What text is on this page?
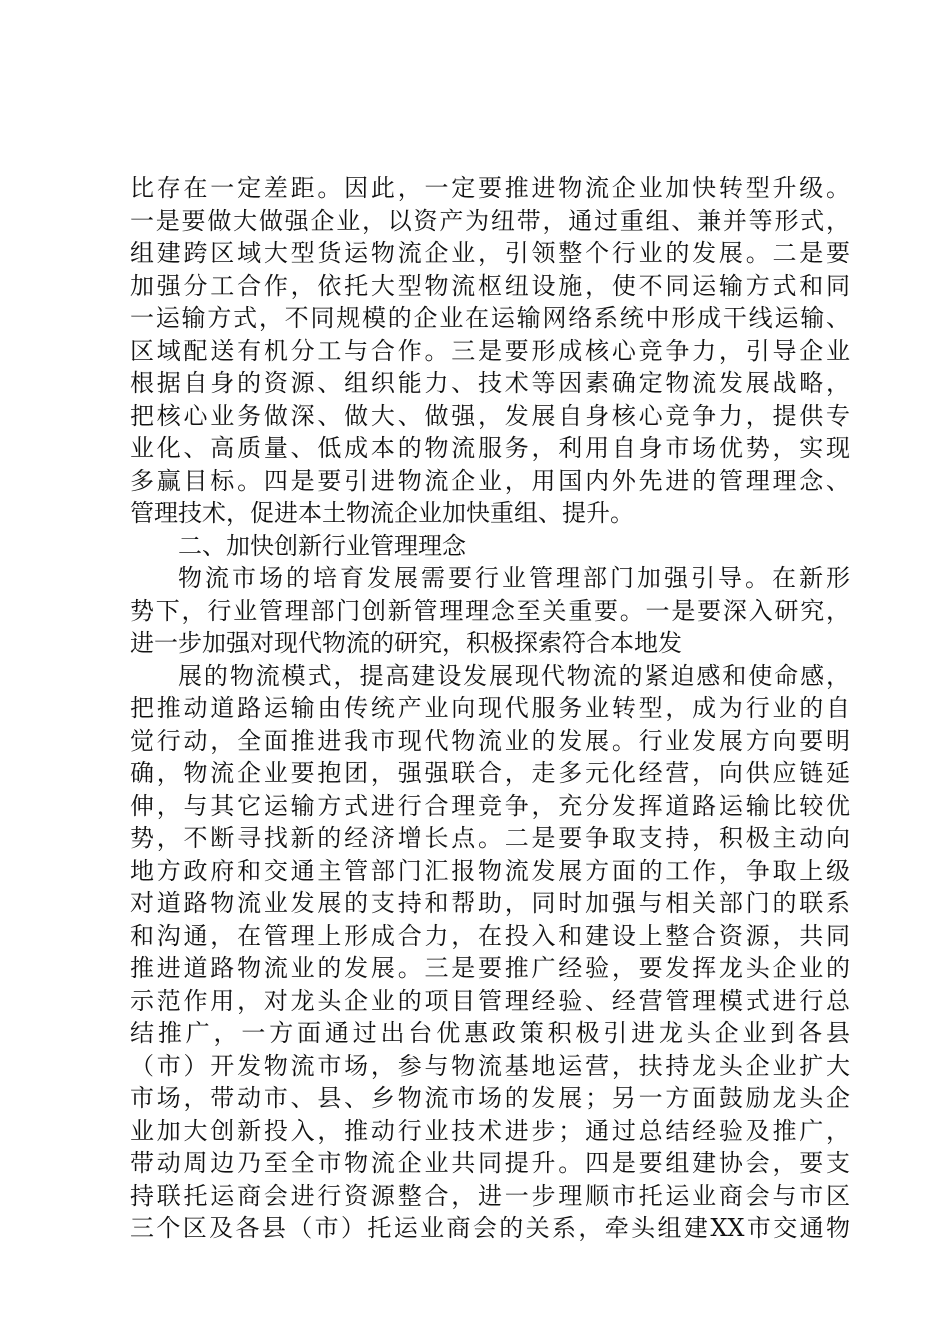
比存在一定差距。因此，一定要推进物流企业加快转型升级。
一是要做大做强企业，以资产为纽带，通过重组、兼并等形式，
组建跨区域大型货运物流企业，引领整个行业的发展。二是要
加强分工合作，依托大型物流枢纽设施，使不同运输方式和同
一运输方式，不同规模的企业在运输网络系统中形成干线运输、
区域配送有机分工与合作。三是要形成核心竞争力，引导企业
根据自身的资源、组织能力、技术等因素确定物流发展战略，
把核心业务做深、做大、做强，发展自身核心竞争力，提供专
业化、高质量、低成本的物流服务，利用自身市场优势，实现
多赢目标。四是要引进物流企业，用国内外先进的管理理念、
管理技术，促进本土物流企业加快重组、提升。
二、加快创新行业管理理念
物流市场的培育发展需要行业管理部门加强引导。在新形
势下，行业管理部门创新管理理念至关重要。一是要深入研究，
进一步加强对现代物流的研究，积极探索符合本地发
展的物流模式，提高建设发展现代物流的紧迫感和使命感，
把推动道路运输由传统产业向现代服务业转型，成为行业的自
觉行动，全面推进我市现代物流业的发展。行业发展方向要明
确，物流企业要抱团，强强联合，走多元化经营，向供应链延
伸，与其它运输方式进行合理竞争，充分发挥道路运输比较优
势，不断寻找新的经济增长点。二是要争取支持，积极主动向
地方政府和交通主管部门汇报物流发展方面的工作，争取上级
对道路物流业发展的支持和帮助，同时加强与相关部门的联系
和沟通，在管理上形成合力，在投入和建设上整合资源，共同
推进道路物流业的发展。三是要推广经验，要发挥龙头企业的
示范作用，对龙头企业的项目管理经验、经营管理模式进行总
结推广，一方面通过出台优惠政策积极引进龙头企业到各县
（市）开发物流市场，参与物流基地运营，扶持龙头企业扩大
市场，带动市、县、乡物流市场的发展；另一方面鼓励龙头企
业加大创新投入，推动行业技术进步；通过总结经验及推广，
带动周边乃至全市物流企业共同提升。四是要组建协会，要支
持联托运商会进行资源整合，进一步理顺市托运业商会与市区
三个区及各县（市）托运业商会的关系，牵头组建XX市交通物
